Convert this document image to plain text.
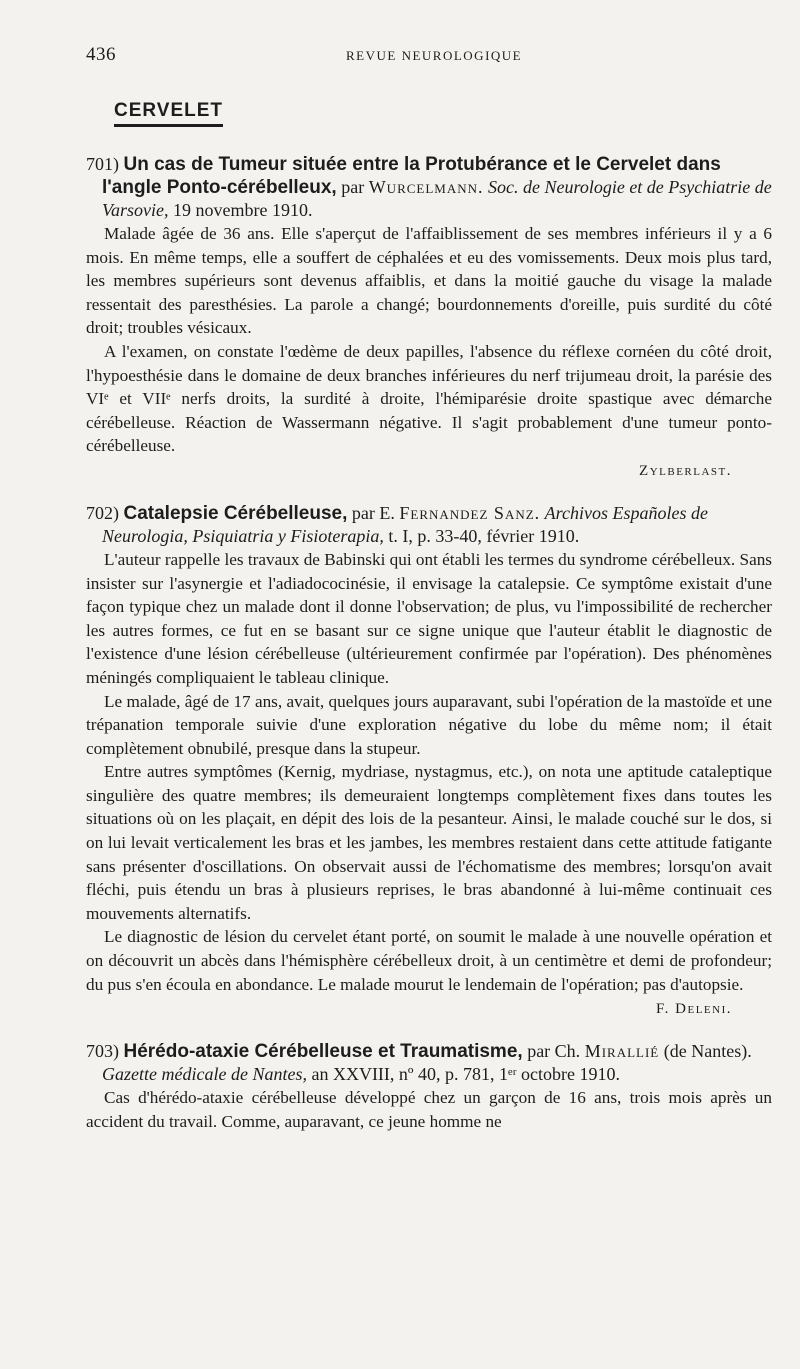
436	REVUE NEUROLOGIQUE
CERVELET
701) Un cas de Tumeur située entre la Protubérance et le Cervelet dans l'angle Ponto-cérébelleux, par Wurcelmann. Soc. de Neurologie et de Psychiatrie de Varsovie, 19 novembre 1910.

Malade âgée de 36 ans. Elle s'aperçut de l'affaiblissement de ses membres inférieurs il y a 6 mois. En même temps, elle a souffert de céphalées et eu des vomissements. Deux mois plus tard, les membres supérieurs sont devenus affaiblis, et dans la moitié gauche du visage la malade ressentait des paresthésies. La parole a changé; bourdonnements d'oreille, puis surdité du côté droit; troubles vésicaux.

A l'examen, on constate l'œdème de deux papilles, l'absence du réflexe cornéen du côté droit, l'hypoesthésie dans le domaine de deux branches inférieures du nerf trijumeau droit, la parésie des VIᵉ et VIIᵉ nerfs droits, la surdité à droite, l'hémiparésie droite spastique avec démarche cérébelleuse. Réaction de Wassermann négative. Il s'agit probablement d'une tumeur ponto-cérébelleuse.

Zylberlast.
702) Catalepsie Cérébelleuse, par E. Fernandez Sanz. Archivos Españoles de Neurologia, Psiquiatria y Fisioterapia, t. I, p. 33-40, février 1910.

L'auteur rappelle les travaux de Babinski qui ont établi les termes du syndrome cérébelleux. Sans insister sur l'asynergie et l'adiadococinésie, il envisage la catalepsie. Ce symptôme existait d'une façon typique chez un malade dont il donne l'observation; de plus, vu l'impossibilité de rechercher les autres formes, ce fut en se basant sur ce signe unique que l'auteur établit le diagnostic de l'existence d'une lésion cérébelleuse (ultérieurement confirmée par l'opération). Des phénomènes méningés compliquaient le tableau clinique.

Le malade, âgé de 17 ans, avait, quelques jours auparavant, subi l'opération de la mastoïde et une trépanation temporale suivie d'une exploration négative du lobe du même nom; il était complètement obnubilé, presque dans la stupeur.

Entre autres symptômes (Kernig, mydriase, nystagmus, etc.), on nota une aptitude cataleptique singulière des quatre membres; ils demeuraient longtemps complètement fixes dans toutes les situations où on les plaçait, en dépit des lois de la pesanteur. Ainsi, le malade couché sur le dos, si on lui levait verticalement les bras et les jambes, les membres restaient dans cette attitude fatigante sans présenter d'oscillations. On observait aussi de l'échomatisme des membres; lorsqu'on avait fléchi, puis étendu un bras à plusieurs reprises, le bras abandonné à lui-même continuait ces mouvements alternatifs.

Le diagnostic de lésion du cervelet étant porté, on soumit le malade à une nouvelle opération et on découvrit un abcès dans l'hémisphère cérébelleux droit, à un centimètre et demi de profondeur; du pus s'en écoula en abondance. Le malade mourut le lendemain de l'opération; pas d'autopsie.

F. Deleni.
703) Hérédo-ataxie Cérébelleuse et Traumatisme, par Ch. Mirallié (de Nantes). Gazette médicale de Nantes, an XXVIII, nº 40, p. 781, 1ᵉʳ octobre 1910.

Cas d'hérédo-ataxie cérébelleuse développé chez un garçon de 16 ans, trois mois après un accident du travail. Comme, auparavant, ce jeune homme ne
